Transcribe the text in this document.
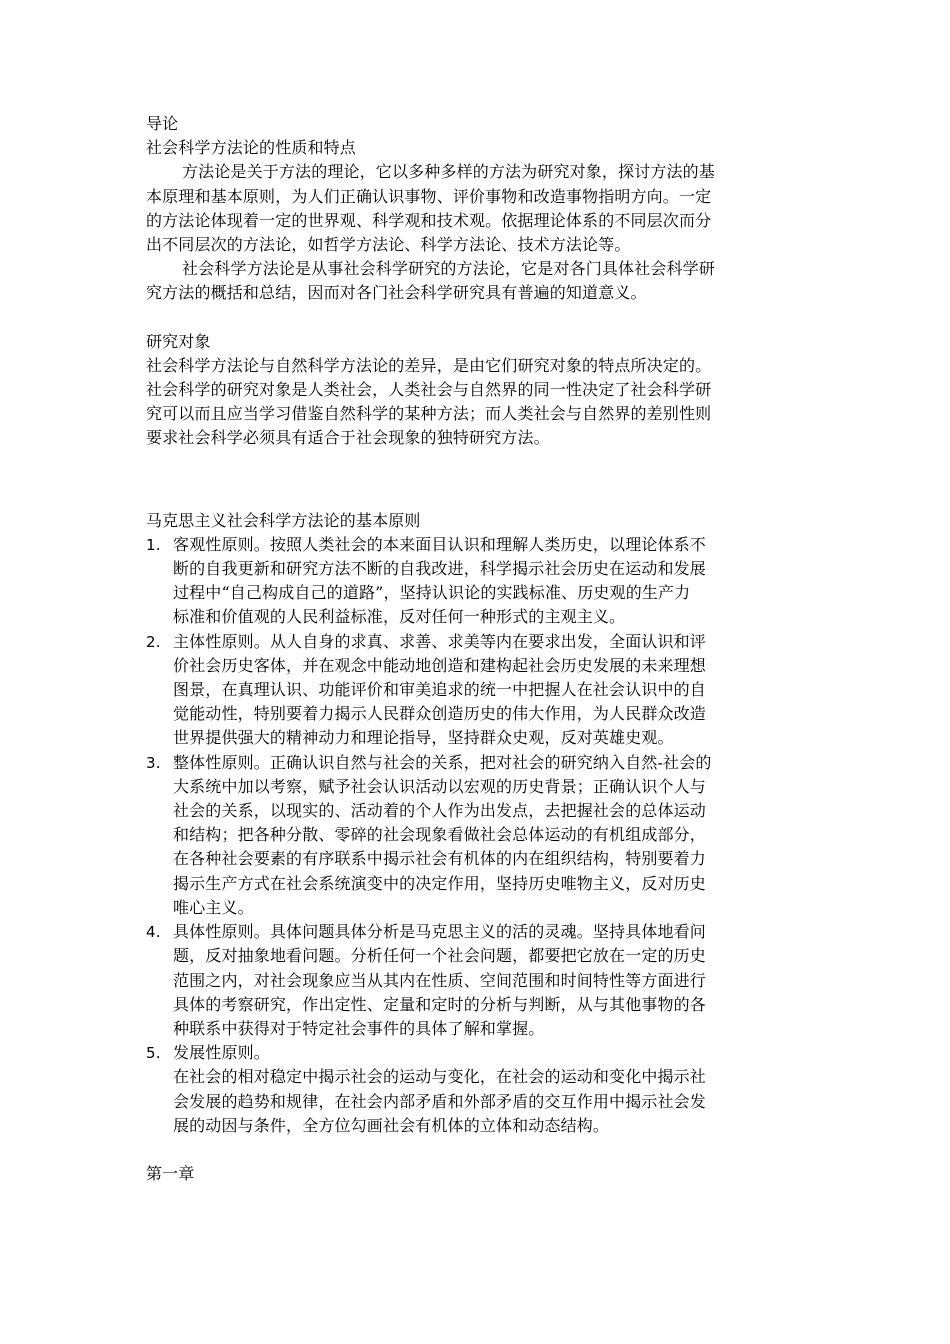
导论

社会科学方法论的性质和特点

方法论是关于方法的理论，它以多种多样的方法为研究对象，探讨方法的基

本原理和基本原则，为人们正确认识事物、评价事物和改造事物指明方向。一定

的方法论体现着一定的世界观、科学观和技术观。依据理论体系的不同层次而分

出不同层次的方法论，如哲学方法论、科学方法论、技术方法论等。

社会科学方法论是从事社会科学研究的方法论，它是对各门具体社会科学研

究方法的概括和总结，因而对各门社会科学研究具有普遍的知道意义。

研究对象

社会科学方法论与自然科学方法论的差异，是由它们研究对象的特点所决定的。

社会科学的研究对象是人类社会，人类社会与自然界的同一性决定了社会科学研

究可以而且应当学习借鉴自然科学的某种方法；而人类社会与自然界的差别性则

要求社会科学必须具有适合于社会现象的独特研究方法。

马克思主义社会科学方法论的基本原则

1. 客观性原则。按照人类社会的本来面目认识和理解人类历史，以理论体系不

断的自我更新和研究方法不断的自我改进，科学揭示社会历史在运动和发展

过程中“自己构成自己的道路”，坚持认识论的实践标准、历史观的生产力

标准和价值观的人民利益标准，反对任何一种形式的主观主义。

2. 主体性原则。从人自身的求真、求善、求美等内在要求出发，全面认识和评

价社会历史客体，并在观念中能动地创造和建构起社会历史发展的未来理想

图景，在真理认识、功能评价和审美追求的统一中把握人在社会认识中的自

觉能动性，特别要着力揭示人民群众创造历史的伟大作用，为人民群众改造

世界提供强大的精神动力和理论指导，坚持群众史观，反对英雄史观。

3. 整体性原则。正确认识自然与社会的关系，把对社会的研究纳入自然-社会的

大系统中加以考察，赋予社会认识活动以宏观的历史背景；正确认识个人与

社会的关系，以现实的、活动着的个人作为出发点，去把握社会的总体运动

和结构；把各种分散、零碎的社会现象看做社会总体运动的有机组成部分，

在各种社会要素的有序联系中揭示社会有机体的内在组织结构，特别要着力

揭示生产方式在社会系统演变中的决定作用，坚持历史唯物主义，反对历史

唯心主义。

4. 具体性原则。具体问题具体分析是马克思主义的活的灵魂。坚持具体地看问

题，反对抽象地看问题。分析任何一个社会问题，都要把它放在一定的历史

范围之内，对社会现象应当从其内在性质、空间范围和时间特性等方面进行

具体的考察研究，作出定性、定量和定时的分析与判断，从与其他事物的各

种联系中获得对于特定社会事件的具体了解和掌握。

5. 发展性原则。

在社会的相对稳定中揭示社会的运动与变化，在社会的运动和变化中揭示社

会发展的趋势和规律，在社会内部矛盾和外部矛盾的交互作用中揭示社会发

展的动因与条件，全方位勾画社会有机体的立体和动态结构。

第一章
